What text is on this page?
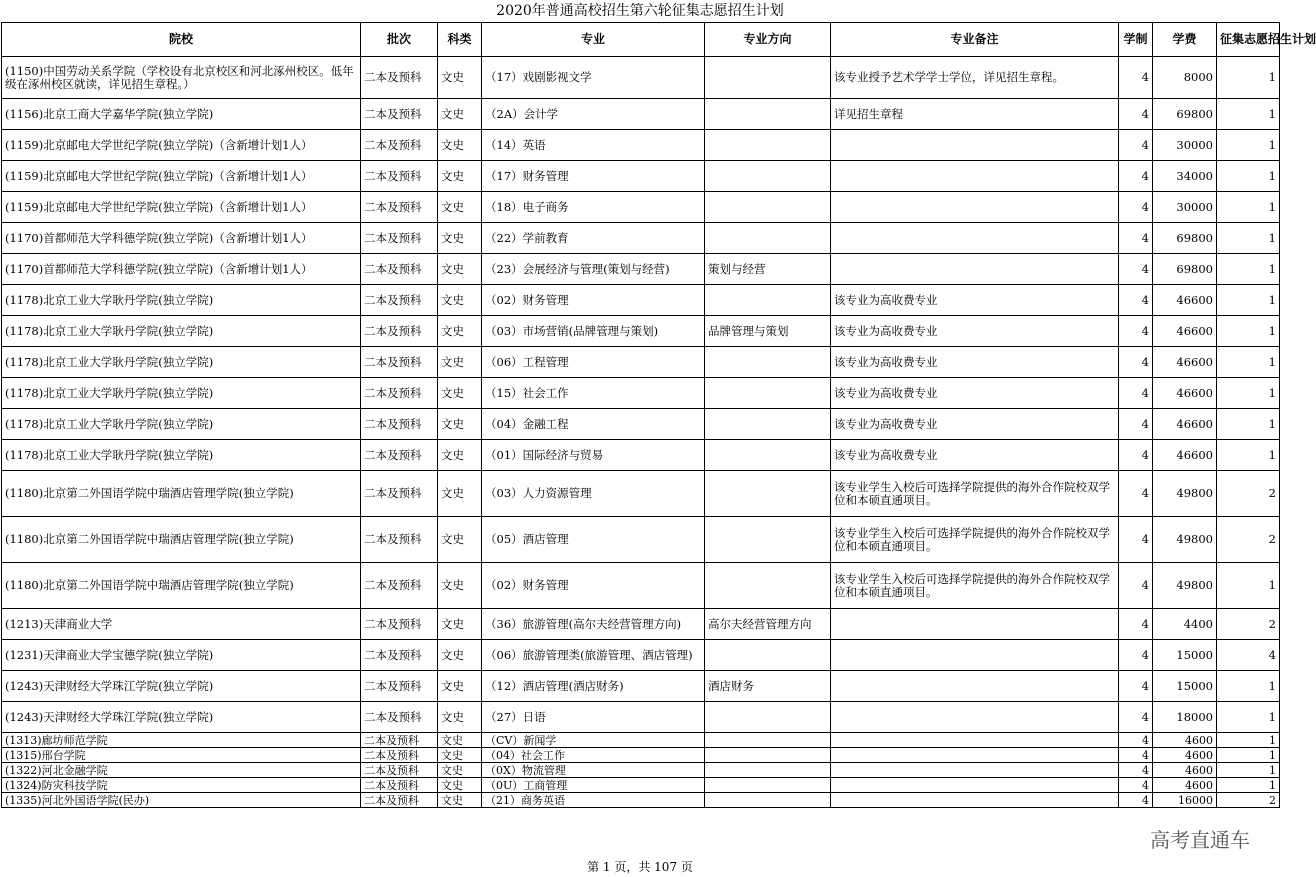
2020年普通高校招生第六轮征集志愿招生计划
院校	批次	科类	专业	专业方向	专业备注	学制	学费	征集志愿招生计划
(1150)中国劳动关系学院（学校设有北京校区和河北涿州校区。低年级在涿州校区就读，详见招生章程。）	二本及预科	文史	（17）戏剧影视文学		该专业授予艺术学学士学位，详见招生章程。	4	8000	1
(1156)北京工商大学嘉华学院(独立学院)	二本及预科	文史	（2A）会计学		详见招生章程	4	69800	1
(1159)北京邮电大学世纪学院(独立学院)（含新增计划1人）	二本及预科	文史	（14）英语			4	30000	1
(1159)北京邮电大学世纪学院(独立学院)（含新增计划1人）	二本及预科	文史	（17）财务管理			4	34000	1
(1159)北京邮电大学世纪学院(独立学院)（含新增计划1人）	二本及预科	文史	（18）电子商务			4	30000	1
(1170)首都师范大学科德学院(独立学院)（含新增计划1人）	二本及预科	文史	（22）学前教育			4	69800	1
(1170)首都师范大学科德学院(独立学院)（含新增计划1人）	二本及预科	文史	（23）会展经济与管理(策划与经营)	策划与经营		4	69800	1
(1178)北京工业大学耿丹学院(独立学院)	二本及预科	文史	（02）财务管理		该专业为高收费专业	4	46600	1
(1178)北京工业大学耿丹学院(独立学院)	二本及预科	文史	（03）市场营销(品牌管理与策划)	品牌管理与策划	该专业为高收费专业	4	46600	1
(1178)北京工业大学耿丹学院(独立学院)	二本及预科	文史	（06）工程管理		该专业为高收费专业	4	46600	1
(1178)北京工业大学耿丹学院(独立学院)	二本及预科	文史	（15）社会工作		该专业为高收费专业	4	46600	1
(1178)北京工业大学耿丹学院(独立学院)	二本及预科	文史	（04）金融工程		该专业为高收费专业	4	46600	1
(1178)北京工业大学耿丹学院(独立学院)	二本及预科	文史	（01）国际经济与贸易		该专业为高收费专业	4	46600	1
(1180)北京第二外国语学院中瑞酒店管理学院(独立学院)	二本及预科	文史	（03）人力资源管理		该专业学生入校后可选择学院提供的海外合作院校双学位和本硕直通项目。	4	49800	2
(1180)北京第二外国语学院中瑞酒店管理学院(独立学院)	二本及预科	文史	（05）酒店管理		该专业学生入校后可选择学院提供的海外合作院校双学位和本硕直通项目。	4	49800	2
(1180)北京第二外国语学院中瑞酒店管理学院(独立学院)	二本及预科	文史	（02）财务管理		该专业学生入校后可选择学院提供的海外合作院校双学位和本硕直通项目。	4	49800	1
(1213)天津商业大学	二本及预科	文史	（36）旅游管理(高尔夫经营管理方向)	高尔夫经营管理方向		4	4400	2
(1231)天津商业大学宝德学院(独立学院)	二本及预科	文史	（06）旅游管理类(旅游管理、酒店管理)			4	15000	4
(1243)天津财经大学珠江学院(独立学院)	二本及预科	文史	（12）酒店管理(酒店财务)	酒店财务		4	15000	1
(1243)天津财经大学珠江学院(独立学院)	二本及预科	文史	（27）日语			4	18000	1
(1313)廊坊师范学院	二本及预科	文史	（CV）新闻学			4	4600	1
(1315)邢台学院	二本及预科	文史	（04）社会工作			4	4600	1
(1322)河北金融学院	二本及预科	文史	（0X）物流管理			4	4600	1
(1324)防灾科技学院	二本及预科	文史	（0U）工商管理			4	4600	1
(1335)河北外国语学院(民办)	二本及预科	文史	（21）商务英语			4	16000	2
高考直通车
第 1 页，共 107 页
